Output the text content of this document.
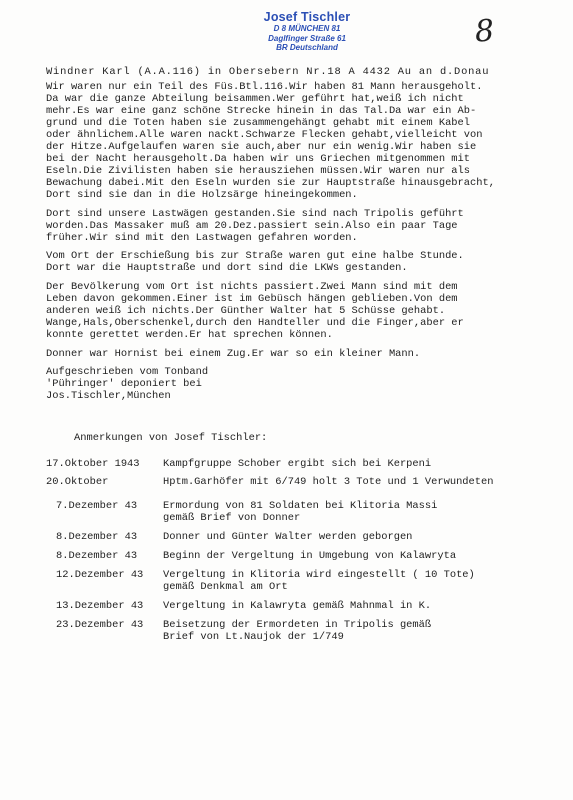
Josef Tischler
D 8 MÜNCHEN 81
Daglfinger Straße 61
BR Deutschland	8
Windner Karl (A.A.116) in Obersebern Nr.18 A 4432 Au an d.Donau
Wir waren nur ein Teil des Füs.Btl.116.Wir haben 81 Mann herausgeholt.
Da war die ganze Abteilung beisammen.Wer geführt hat,weiß ich nicht
mehr.Es war eine ganz schöne Strecke hinein in das Tal.Da war ein Ab-
grund und die Toten haben sie zusammengehängt gehabt mit einem Kabel
oder ähnlichem.Alle waren nackt.Schwarze Flecken gehabt,vielleicht von
der Hitze.Aufgelaufen waren sie auch,aber nur ein wenig.Wir haben sie
bei der Nacht herausgeholt.Da haben wir uns Griechen mitgenommen mit
Eseln.Die Zivilisten haben sie herausziehen müssen.Wir waren nur als
Bewachung dabei.Mit den Eseln wurden sie zur Hauptstraße hinausgebracht,
Dort sind sie dan in die Holzsärge hineingekommen.
Dort sind unsere Lastwägen gestanden.Sie sind nach Tripolis geführt
worden.Das Massaker muß am 20.Dez.passiert sein.Also ein paar Tage
früher.Wir sind mit den Lastwagen gefahren worden.
Vom Ort der Erschießung bis zur Straße waren gut eine halbe Stunde.
Dort war die Hauptstraße und dort sind die LKWs gestanden.
Der Bevölkerung vom Ort ist nichts passiert.Zwei Mann sind mit dem
Leben davon gekommen.Einer ist im Gebüsch hängen geblieben.Von dem
anderen weiß ich nichts.Der Günther Walter hat 5 Schüsse gehabt.
Wange,Hals,Oberschenkel,durch den Handteller und die Finger,aber er
konnte gerettet werden.Er hat sprechen können.
Donner war Hornist bei einem Zug.Er war so ein kleiner Mann.
Aufgeschrieben vom Tonband
'Pühringer' deponiert bei
Jos.Tischler,München
Anmerkungen von Josef Tischler:
17.Oktober 1943	Kampfgruppe Schober ergibt sich bei Kerpeni
20.Oktober	Hptm.Garhöfer mit 6/749 holt 3 Tote und 1 Verwundeten
7.Dezember 43	Ermordung von 81 Soldaten bei Klitoria Massi
gemäß Brief von Donner
8.Dezember 43	Donner und Günter Walter werden geborgen
8.Dezember 43	Beginn der Vergeltung in Umgebung von Kalawryta
12.Dezember 43	Vergeltung in Klitoria wird eingestellt ( 10 Tote)
gemäß Denkmal am Ort
13.Dezember 43	Vergeltung in Kalawryta gemäß Mahnmal in K.
23.Dezember 43	Beisetzung der Ermordeten in Tripolis gemäß
Brief von Lt.Naujok der 1/749
